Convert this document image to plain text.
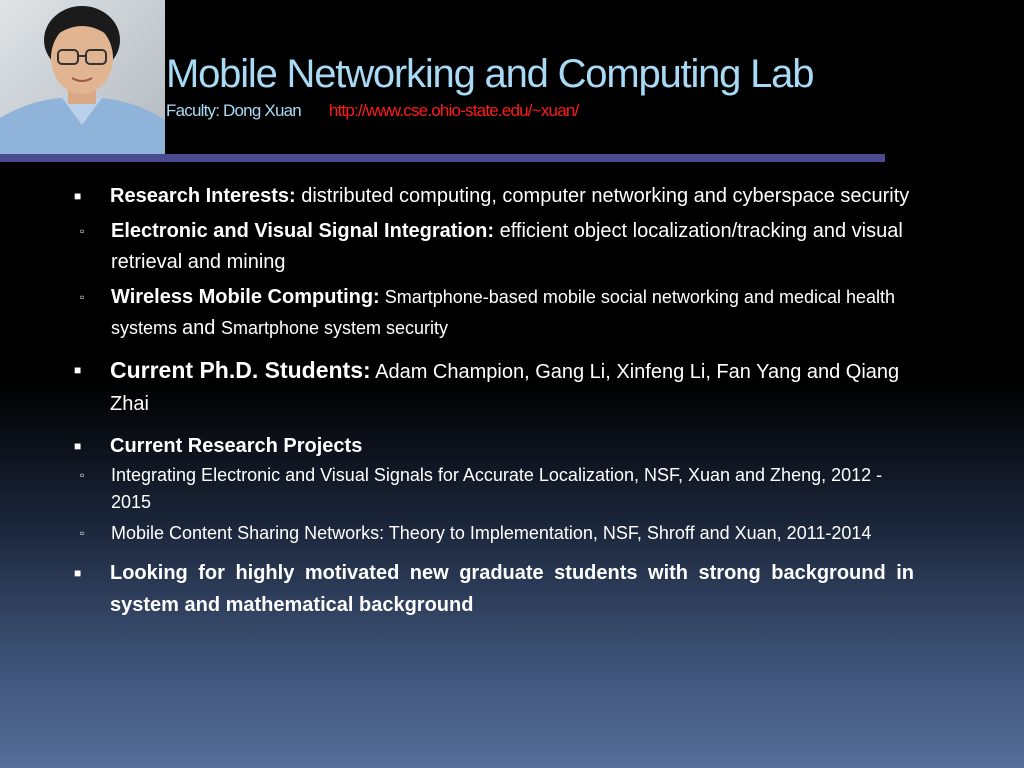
Mobile Networking and Computing Lab
Faculty: Dong Xuan http://www.cse.ohio-state.edu/~xuan/
■ Research Interests: distributed computing, computer networking and cyberspace security
▫ Electronic and Visual Signal Integration: efficient object localization/tracking and visual retrieval and mining
▫ Wireless Mobile Computing: Smartphone-based mobile social networking and medical health systems and Smartphone system security
■ Current Ph.D. Students: Adam Champion, Gang Li, Xinfeng Li, Fan Yang and Qiang Zhai
■ Current Research Projects
▫ Integrating Electronic and Visual Signals for Accurate Localization, NSF, Xuan and Zheng, 2012 - 2015
▫ Mobile Content Sharing Networks: Theory to Implementation, NSF, Shroff and Xuan, 2011-2014
■ Looking for highly motivated new graduate students with strong background in system and mathematical background
